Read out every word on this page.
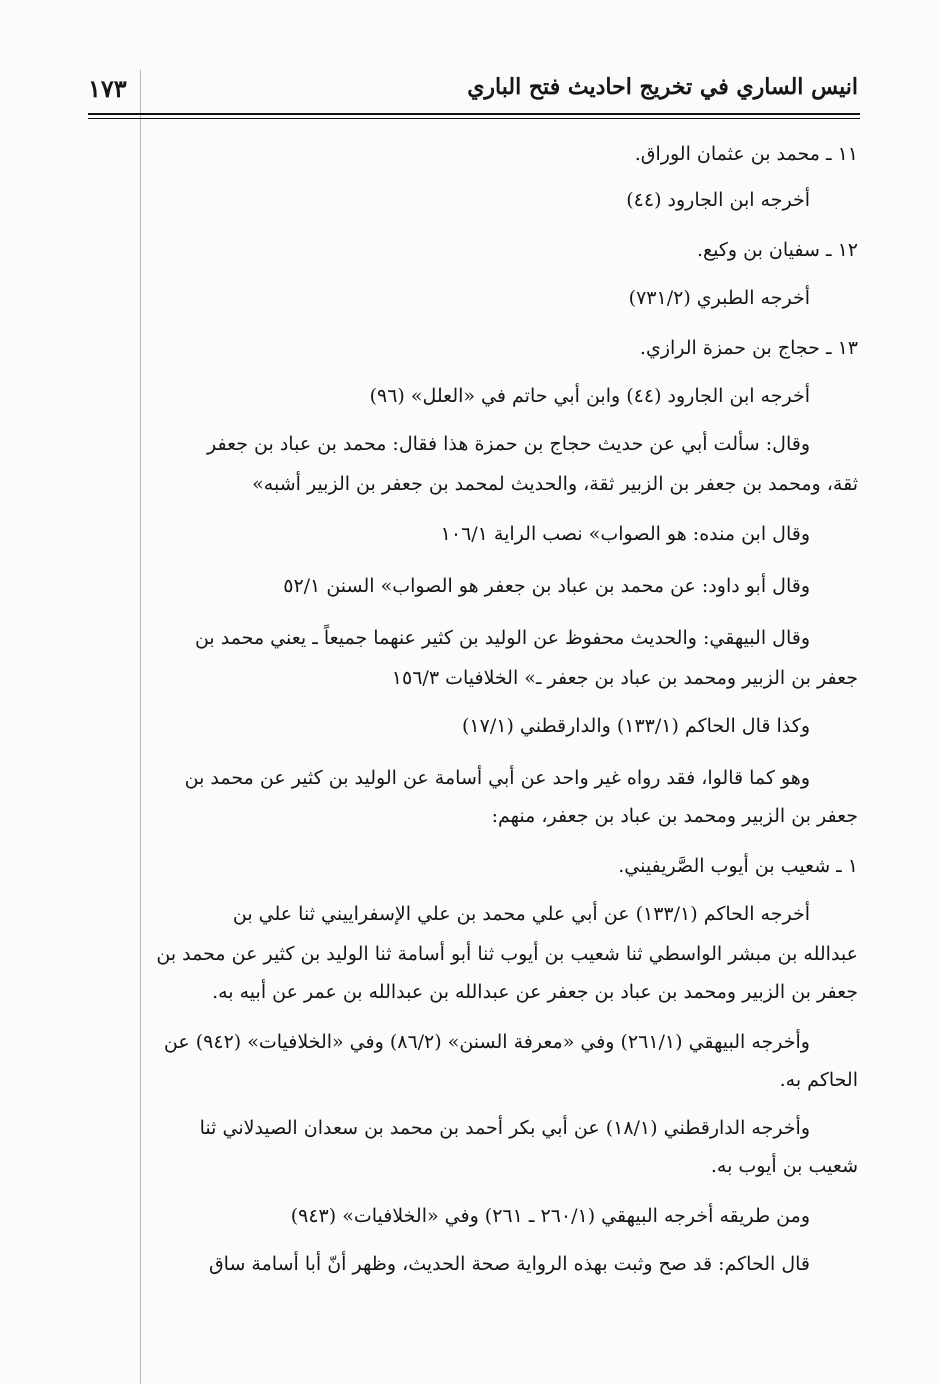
انيس الساري في تخريج احاديث فتح الباري
١٧٣
١١ ـ محمد بن عثمان الوراق.
أخرجه ابن الجارود (٤٤)
١٢ ـ سفيان بن وكيع.
أخرجه الطبري (٧٣١/٢)
١٣ ـ حجاج بن حمزة الرازي.
أخرجه ابن الجارود (٤٤) وابن أبي حاتم في «العلل» (٩٦)
وقال: سألت أبي عن حديث حجاج بن حمزة هذا فقال: محمد بن عباد بن جعفر
ثقة، ومحمد بن جعفر بن الزبير ثقة، والحديث لمحمد بن جعفر بن الزبير أشبه»
وقال ابن منده: هو الصواب» نصب الراية ١٠٦/١
وقال أبو داود: عن محمد بن عباد بن جعفر هو الصواب» السنن ٥٢/١
وقال البيهقي: والحديث محفوظ عن الوليد بن كثير عنهما جميعاً ـ يعني محمد بن
جعفر بن الزبير ومحمد بن عباد بن جعفر ـ» الخلافيات ١٥٦/٣
وكذا قال الحاكم (١٣٣/١) والدارقطني (١٧/١)
وهو كما قالوا، فقد رواه غير واحد عن أبي أسامة عن الوليد بن كثير عن محمد بن
جعفر بن الزبير ومحمد بن عباد بن جعفر، منهم:
١ ـ شعيب بن أيوب الصَّريفيني.
أخرجه الحاكم (١٣٣/١) عن أبي علي محمد بن علي الإسفراييني ثنا علي بن
عبدالله بن مبشر الواسطي ثنا شعيب بن أيوب ثنا أبو أسامة ثنا الوليد بن كثير عن محمد بن
جعفر بن الزبير ومحمد بن عباد بن جعفر عن عبدالله بن عبدالله بن عمر عن أبيه به.
وأخرجه البيهقي (٢٦١/١) وفي «معرفة السنن» (٨٦/٢) وفي «الخلافيات» (٩٤٢) عن
الحاكم به.
وأخرجه الدارقطني (١٨/١) عن أبي بكر أحمد بن محمد بن سعدان الصيدلاني ثنا
شعيب بن أيوب به.
ومن طريقه أخرجه البيهقي (٢٦٠/١ ـ ٢٦١) وفي «الخلافيات» (٩٤٣)
قال الحاكم: قد صح وثبت بهذه الرواية صحة الحديث، وظهر أنّ أبا أسامة ساق
